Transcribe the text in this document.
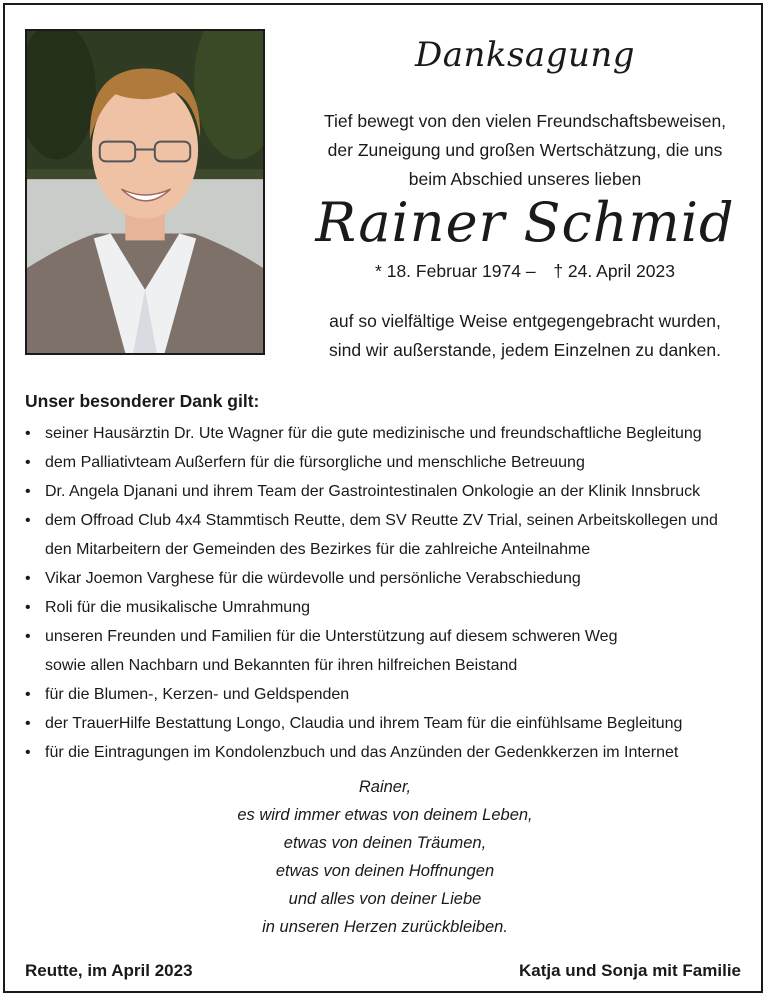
Danksagung
Tief bewegt von den vielen Freundschaftsbeweisen,
der Zuneigung und großen Wertschätzung, die uns
beim Abschied unseres lieben
Rainer Schmid
* 18. Februar 1974 – † 24. April 2023
auf so vielfältige Weise entgegengebracht wurden,
sind wir außerstande, jedem Einzelnen zu danken.
Unser besonderer Dank gilt:
• seiner Hausärztin Dr. Ute Wagner für die gute medizinische und freundschaftliche Begleitung
• dem Palliativteam Außerfern für die fürsorgliche und menschliche Betreuung
• Dr. Angela Djanani und ihrem Team der Gastrointestinalen Onkologie an der Klinik Innsbruck
• dem Offroad Club 4x4 Stammtisch Reutte, dem SV Reutte ZV Trial, seinen Arbeitskollegen und
den Mitarbeitern der Gemeinden des Bezirkes für die zahlreiche Anteilnahme
• Vikar Joemon Varghese für die würdevolle und persönliche Verabschiedung
• Roli für die musikalische Umrahmung
• unseren Freunden und Familien für die Unterstützung auf diesem schweren Weg
sowie allen Nachbarn und Bekannten für ihren hilfreichen Beistand
• für die Blumen-, Kerzen- und Geldspenden
• der TrauerHilfe Bestattung Longo, Claudia und ihrem Team für die einfühlsame Begleitung
• für die Eintragungen im Kondolenzbuch und das Anzünden der Gedenkkerzen im Internet
Rainer,
es wird immer etwas von deinem Leben,
etwas von deinen Träumen,
etwas von deinen Hoffnungen
und alles von deiner Liebe
in unseren Herzen zurückbleiben.
Reutte, im April 2023	Katja und Sonja mit Familie
